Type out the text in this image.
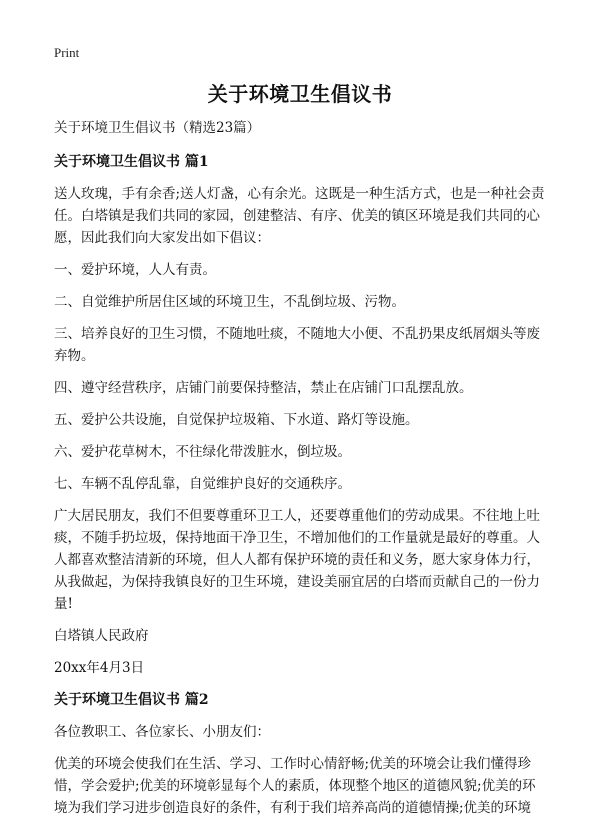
Print
关于环境卫生倡议书

关于环境卫生倡议书（精选23篇）

关于环境卫生倡议书 篇1

送人玫瑰，手有余香;送人灯盏，心有余光。这既是一种生活方式，也是一种社会责任。白塔镇是我们共同的家园，创建整洁、有序、优美的镇区环境是我们共同的心愿，因此我们向大家发出如下倡议：

一、爱护环境，人人有责。

二、自觉维护所居住区域的环境卫生，不乱倒垃圾、污物。

三、培养良好的卫生习惯，不随地吐痰，不随地大小便、不乱扔果皮纸屑烟头等废弃物。

四、遵守经营秩序，店铺门前要保持整洁，禁止在店铺门口乱摆乱放。

五、爱护公共设施，自觉保护垃圾箱、下水道、路灯等设施。

六、爱护花草树木，不往绿化带泼脏水，倒垃圾。

七、车辆不乱停乱靠，自觉维护良好的交通秩序。

广大居民朋友，我们不但要尊重环卫工人，还要尊重他们的劳动成果。不往地上吐痰，不随手扔垃圾，保持地面干净卫生，不增加他们的工作量就是最好的尊重。人人都喜欢整洁清新的环境，但人人都有保护环境的责任和义务，愿大家身体力行，从我做起，为保持我镇良好的卫生环境，建设美丽宜居的白塔而贡献自己的一份力量!

白塔镇人民政府

20xx年4月3日

关于环境卫生倡议书 篇2

各位教职工、各位家长、小朋友们：

优美的环境会使我们在生活、学习、工作时心情舒畅;优美的环境会让我们懂得珍惜，学会爱护;优美的环境彰显每个人的素质，体现整个地区的道德风貌;优美的环境为我们学习进步创造良好的条件，有利于我们培养高尚的道德情操;优美的环境
